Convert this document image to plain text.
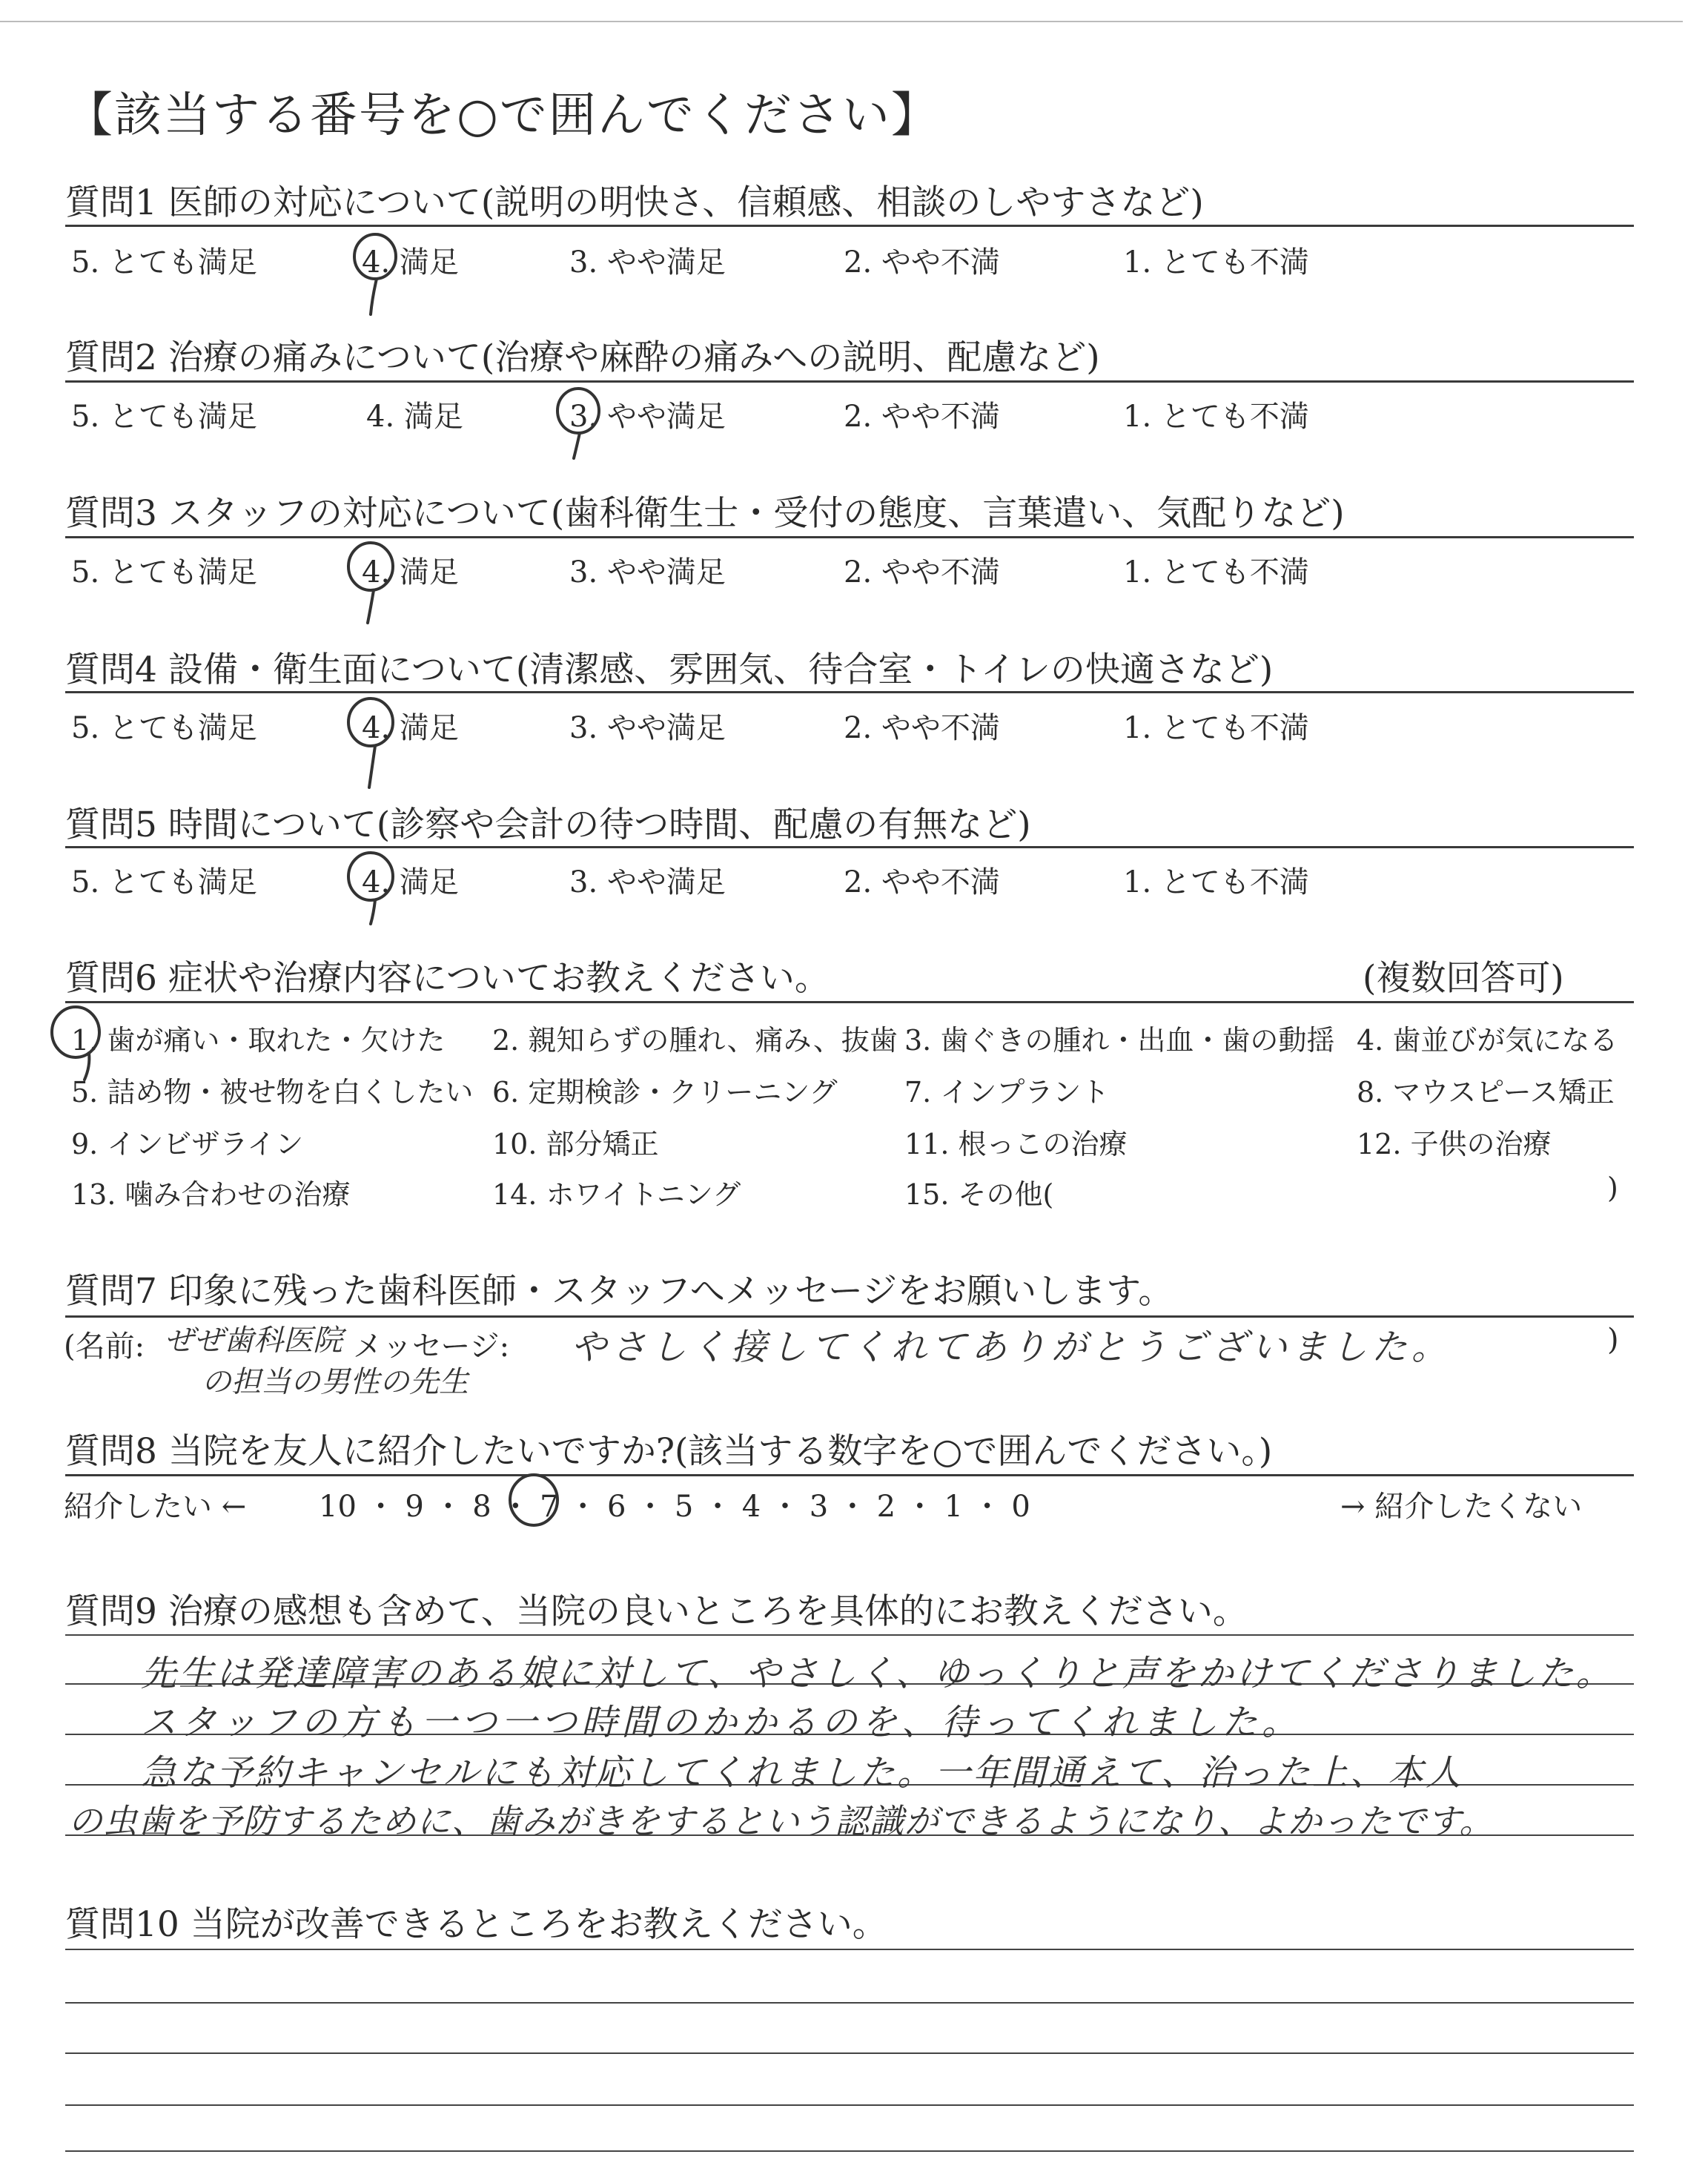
【該当する番号を○で囲んでください】
質問1 医師の対応について(説明の明快さ、信頼感、相談のしやすさなど)
5. とても満足	4. 満足	3. やや満足	2. やや不満	1. とても不満
質問2 治療の痛みについて(治療や麻酔の痛みへの説明、配慮など)
5. とても満足	4. 満足	3. やや満足	2. やや不満	1. とても不満
質問3 スタッフの対応について(歯科衛生士・受付の態度、言葉遣い、気配りなど)
5. とても満足	4. 満足	3. やや満足	2. やや不満	1. とても不満
質問4 設備・衛生面について(清潔感、雰囲気、待合室・トイレの快適さなど)
5. とても満足	4. 満足	3. やや満足	2. やや不満	1. とても不満
質問5 時間について(診察や会計の待つ時間、配慮の有無など)
5. とても満足	4. 満足	3. やや満足	2. やや不満	1. とても不満
質問6 症状や治療内容についてお教えください。	(複数回答可)
1. 歯が痛い・取れた・欠けた 2. 親知らずの腫れ、痛み、抜歯 3. 歯ぐきの腫れ・出血・歯の動揺 4. 歯並びが気になる
5. 詰め物・被せ物を白くしたい 6. 定期検診・クリーニング 7. インプラント	8. マウスピース矯正
9. インビザライン	10. 部分矯正	11. 根っこの治療	12. 子供の治療
13. 噛み合わせの治療	14. ホワイトニング	15. その他(	)
質問7 印象に残った歯科医師・スタッフへメッセージをお願いします。
(名前:	メッセージ:	)
ぜぜ歯科医院
の担当の男性の先生
やさしく接してくれてありがとうございました。
質問8 当院を友人に紹介したいですか?(該当する数字を○で囲んでください。)
紹介したい ←	→ 紹介したくない
10 ・ 9 ・ 8 ・ 7 ・ 6 ・ 5 ・ 4 ・ 3 ・ 2 ・ 1 ・ 0
質問9 治療の感想も含めて、当院の良いところを具体的にお教えください。
先生は発達障害のある娘に対して、やさしく、ゆっくりと声をかけてくださりました。
スタッフの方も一つ一つ時間のかかるのを、待ってくれました。
急な予約キャンセルにも対応してくれました。一年間通えて、治った上、本人
の虫歯を予防するために、歯みがきをするという認識ができるようになり、よかったです。
質問10 当院が改善できるところをお教えください。
